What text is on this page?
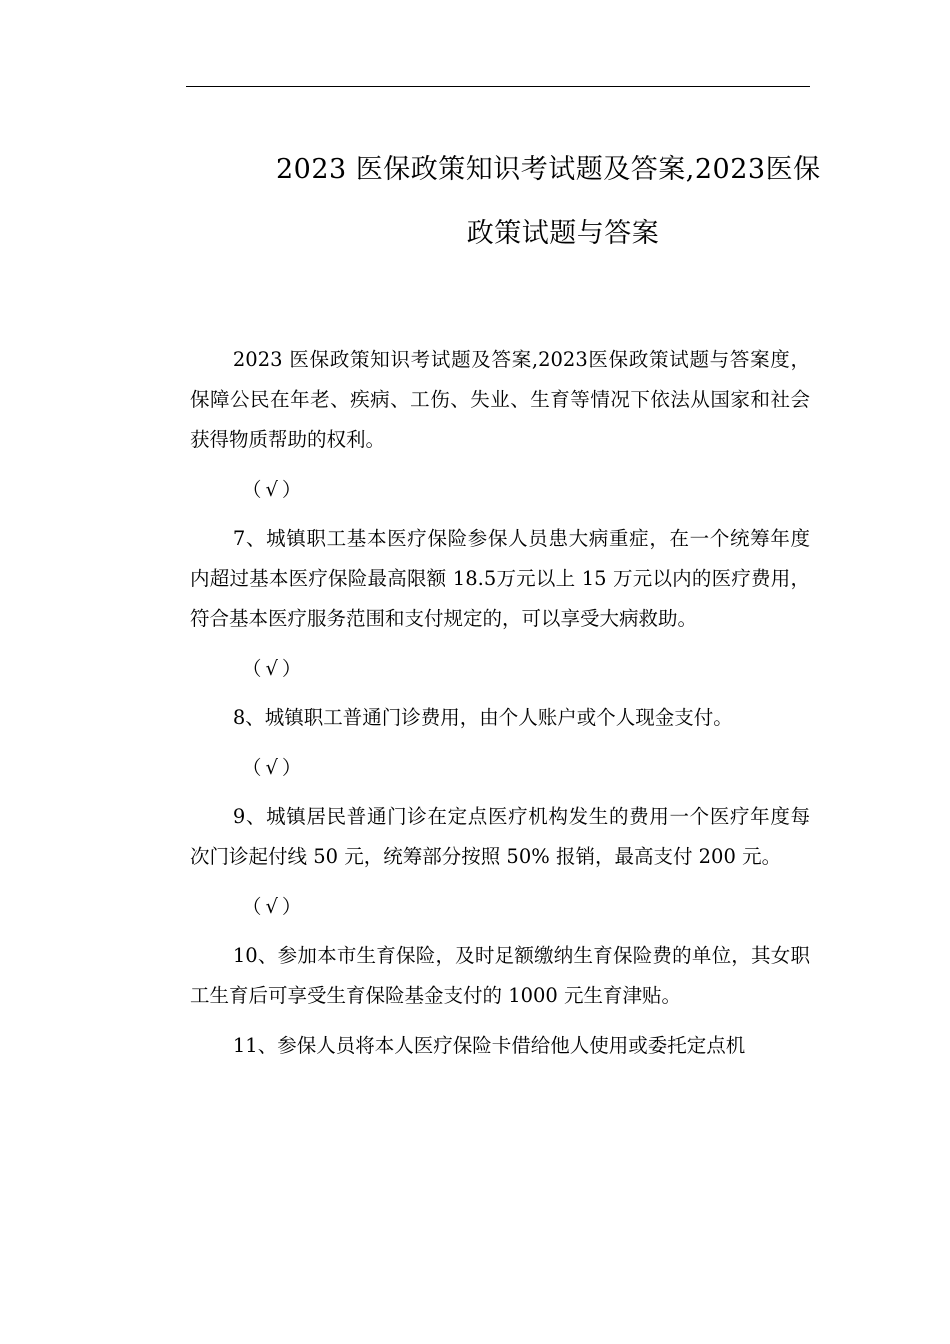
2023 医保政策知识考试题及答案,2023医保
政策试题与答案

2023 医保政策知识考试题及答案,2023医保政策试题与答案度，保障公民在年老、疾病、工伤、失业、生育等情况下依法从国家和社会获得物质帮助的权利。

（√）

7、城镇职工基本医疗保险参保人员患大病重症，在一个统筹年度内超过基本医疗保险最高限额 18.5万元以上 15 万元以内的医疗费用，符合基本医疗服务范围和支付规定的，可以享受大病救助。

（√）

8、城镇职工普通门诊费用，由个人账户或个人现金支付。

（√）

9、城镇居民普通门诊在定点医疗机构发生的费用一个医疗年度每次门诊起付线 50 元，统筹部分按照 50% 报销，最高支付 200 元。

（√）

10、参加本市生育保险，及时足额缴纳生育保险费的单位，其女职工生育后可享受生育保险基金支付的 1000 元生育津贴。

11、参保人员将本人医疗保险卡借给他人使用或委托定点机
